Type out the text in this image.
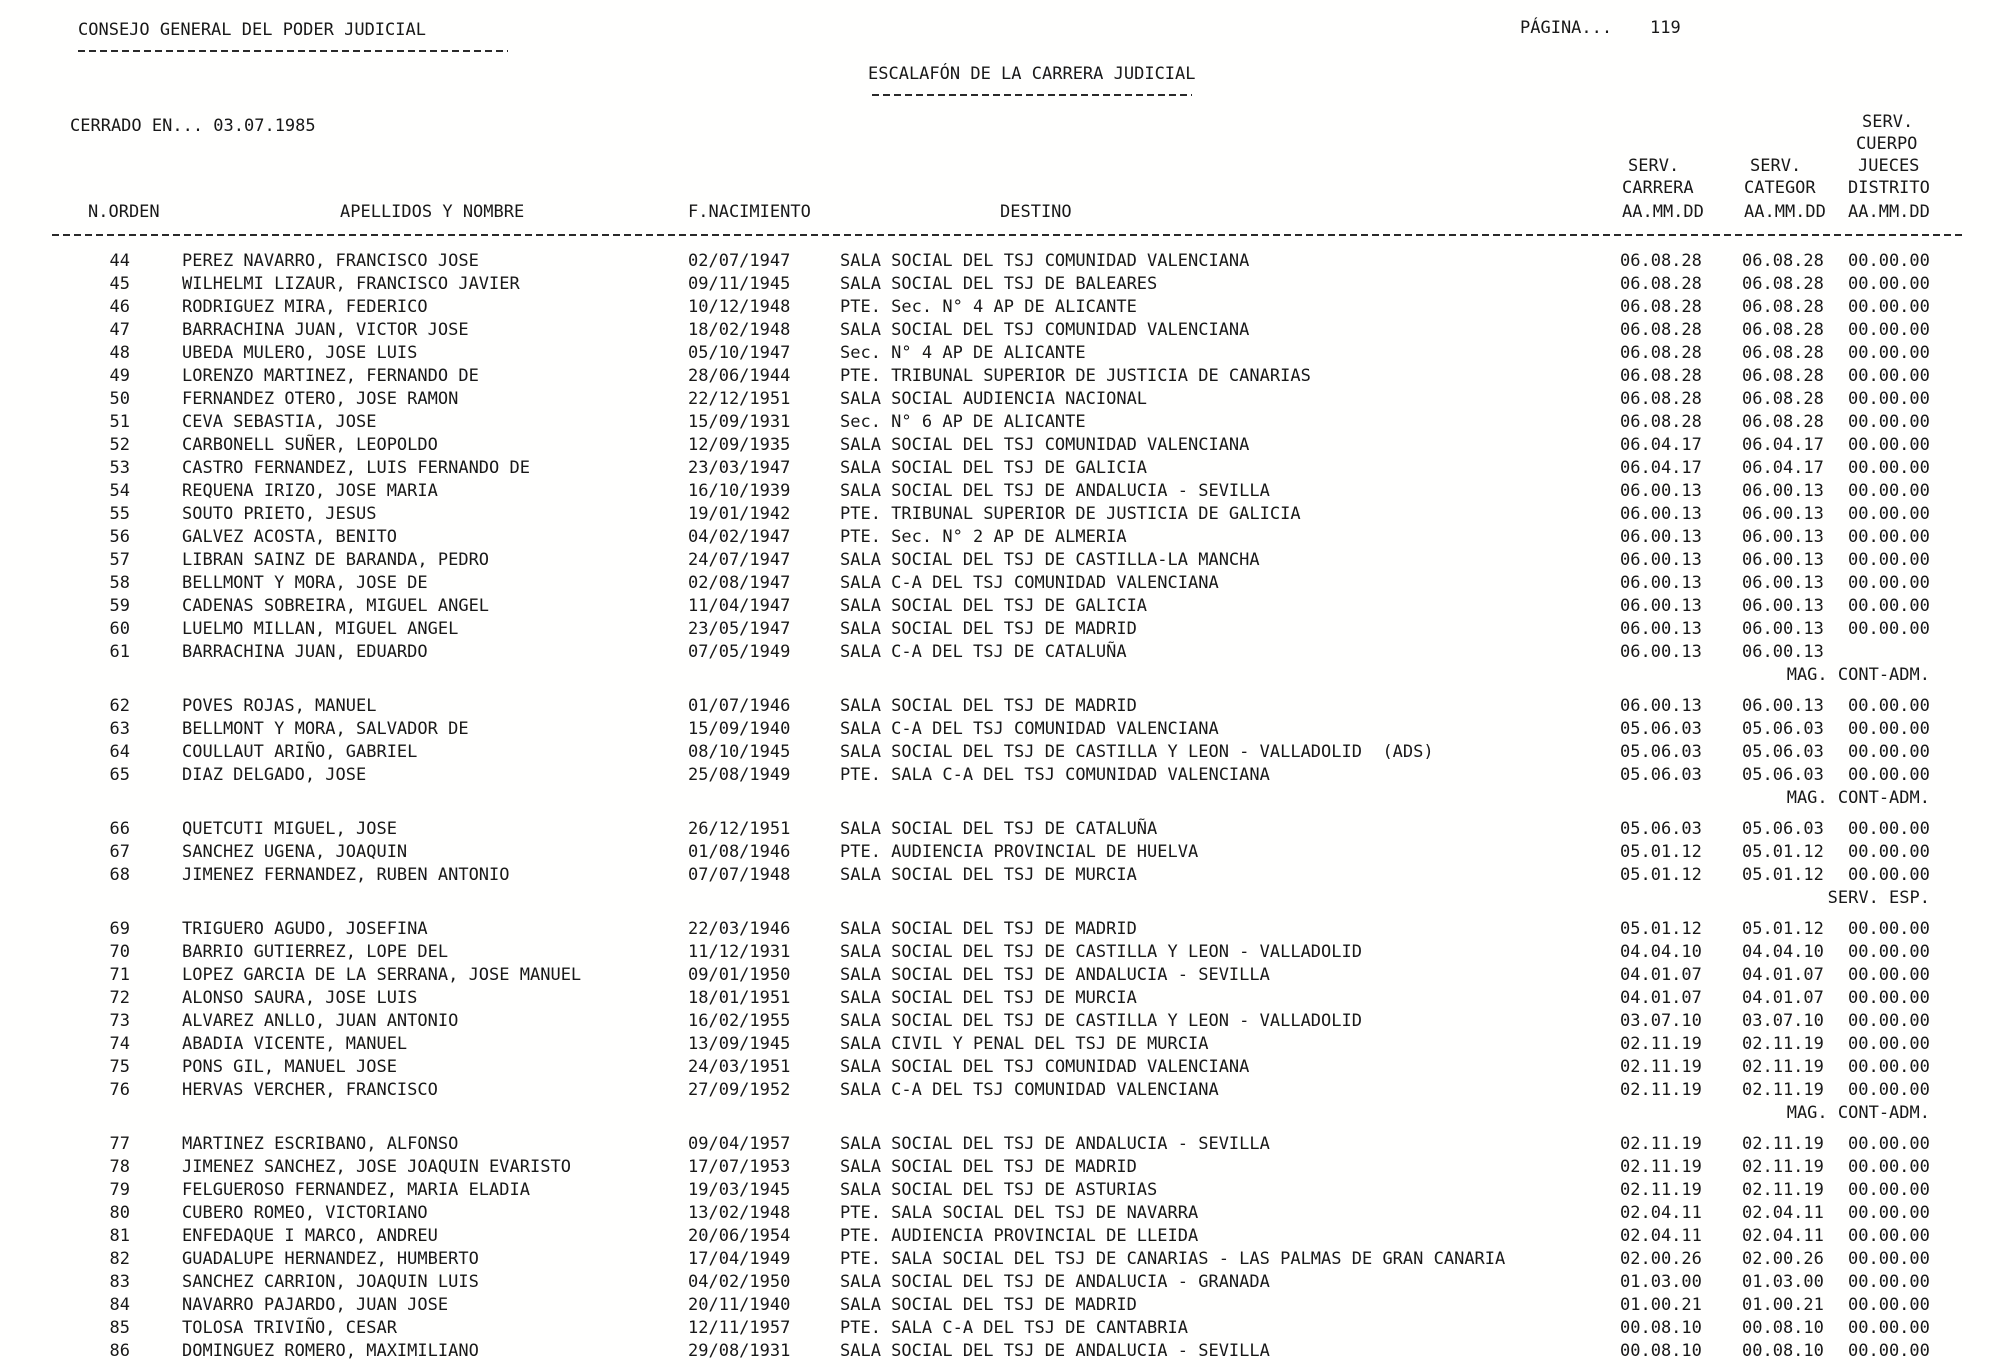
CONSEJO GENERAL DEL PODER JUDICIAL	PÁGINA... 119
ESCALAFÓN DE LA CARRERA JUDICIAL
CERRADO EN... 03.07.1985	SERV.
CUERPO
SERV.	SERV.	JUECES
CARRERA	CATEGOR DISTRITO
N.ORDEN	APELLIDOS Y NOMBRE	F.NACIMIENTO	DESTINO	AA.MM.DD AA.MM.DD AA.MM.DD
44	PEREZ NAVARRO, FRANCISCO JOSE	02/07/1947	SALA SOCIAL DEL TSJ COMUNIDAD VALENCIANA	06.08.28 06.08.28 00.00.00
45	WILHELMI LIZAUR, FRANCISCO JAVIER	09/11/1945	SALA SOCIAL DEL TSJ DE BALEARES	06.08.28 06.08.28 00.00.00
46	RODRIGUEZ MIRA, FEDERICO	10/12/1948	PTE. Sec. N° 4 AP DE ALICANTE	06.08.28 06.08.28 00.00.00
47	BARRACHINA JUAN, VICTOR JOSE	18/02/1948	SALA SOCIAL DEL TSJ COMUNIDAD VALENCIANA	06.08.28 06.08.28 00.00.00
48	UBEDA MULERO, JOSE LUIS	05/10/1947	Sec. N° 4 AP DE ALICANTE	06.08.28 06.08.28 00.00.00
49	LORENZO MARTINEZ, FERNANDO DE	28/06/1944	PTE. TRIBUNAL SUPERIOR DE JUSTICIA DE CANARIAS	06.08.28 06.08.28 00.00.00
50	FERNANDEZ OTERO, JOSE RAMON	22/12/1951	SALA SOCIAL AUDIENCIA NACIONAL	06.08.28 06.08.28 00.00.00
51	CEVA SEBASTIA, JOSE	15/09/1931	Sec. N° 6 AP DE ALICANTE	06.08.28 06.08.28 00.00.00
52	CARBONELL SUÑER, LEOPOLDO	12/09/1935	SALA SOCIAL DEL TSJ COMUNIDAD VALENCIANA	06.04.17 06.04.17 00.00.00
53	CASTRO FERNANDEZ, LUIS FERNANDO DE	23/03/1947	SALA SOCIAL DEL TSJ DE GALICIA	06.04.17 06.04.17 00.00.00
54	REQUENA IRIZO, JOSE MARIA	16/10/1939	SALA SOCIAL DEL TSJ DE ANDALUCIA - SEVILLA	06.00.13 06.00.13 00.00.00
55	SOUTO PRIETO, JESUS	19/01/1942	PTE. TRIBUNAL SUPERIOR DE JUSTICIA DE GALICIA	06.00.13 06.00.13 00.00.00
56	GALVEZ ACOSTA, BENITO	04/02/1947	PTE. Sec. N° 2 AP DE ALMERIA	06.00.13 06.00.13 00.00.00
57	LIBRAN SAINZ DE BARANDA, PEDRO	24/07/1947	SALA SOCIAL DEL TSJ DE CASTILLA-LA MANCHA	06.00.13 06.00.13 00.00.00
58	BELLMONT Y MORA, JOSE DE	02/08/1947	SALA C-A DEL TSJ COMUNIDAD VALENCIANA	06.00.13 06.00.13 00.00.00
59	CADENAS SOBREIRA, MIGUEL ANGEL	11/04/1947	SALA SOCIAL DEL TSJ DE GALICIA	06.00.13 06.00.13 00.00.00
60	LUELMO MILLAN, MIGUEL ANGEL	23/05/1947	SALA SOCIAL DEL TSJ DE MADRID	06.00.13 06.00.13 00.00.00
61	BARRACHINA JUAN, EDUARDO	07/05/1949	SALA C-A DEL TSJ DE CATALUÑA	06.00.13 06.00.13
MAG. CONT-ADM.
62	POVES ROJAS, MANUEL	01/07/1946	SALA SOCIAL DEL TSJ DE MADRID	06.00.13 06.00.13 00.00.00
63	BELLMONT Y MORA, SALVADOR DE	15/09/1940	SALA C-A DEL TSJ COMUNIDAD VALENCIANA	05.06.03 05.06.03 00.00.00
64	COULLAUT ARIÑO, GABRIEL	08/10/1945	SALA SOCIAL DEL TSJ DE CASTILLA Y LEON - VALLADOLID  (ADS)	05.06.03 05.06.03 00.00.00
65	DIAZ DELGADO, JOSE	25/08/1949	PTE. SALA C-A DEL TSJ COMUNIDAD VALENCIANA	05.06.03 05.06.03 00.00.00
MAG. CONT-ADM.
66	QUETCUTI MIGUEL, JOSE	26/12/1951	SALA SOCIAL DEL TSJ DE CATALUÑA	05.06.03 05.06.03 00.00.00
67	SANCHEZ UGENA, JOAQUIN	01/08/1946	PTE. AUDIENCIA PROVINCIAL DE HUELVA	05.01.12 05.01.12 00.00.00
68	JIMENEZ FERNANDEZ, RUBEN ANTONIO	07/07/1948	SALA SOCIAL DEL TSJ DE MURCIA	05.01.12 05.01.12 00.00.00
SERV. ESP.
69	TRIGUERO AGUDO, JOSEFINA	22/03/1946	SALA SOCIAL DEL TSJ DE MADRID	05.01.12 05.01.12 00.00.00
70	BARRIO GUTIERREZ, LOPE DEL	11/12/1931	SALA SOCIAL DEL TSJ DE CASTILLA Y LEON - VALLADOLID	04.04.10 04.04.10 00.00.00
71	LOPEZ GARCIA DE LA SERRANA, JOSE MANUEL	09/01/1950	SALA SOCIAL DEL TSJ DE ANDALUCIA - SEVILLA	04.01.07 04.01.07 00.00.00
72	ALONSO SAURA, JOSE LUIS	18/01/1951	SALA SOCIAL DEL TSJ DE MURCIA	04.01.07 04.01.07 00.00.00
73	ALVAREZ ANLLO, JUAN ANTONIO	16/02/1955	SALA SOCIAL DEL TSJ DE CASTILLA Y LEON - VALLADOLID	03.07.10 03.07.10 00.00.00
74	ABADIA VICENTE, MANUEL	13/09/1945	SALA CIVIL Y PENAL DEL TSJ DE MURCIA	02.11.19 02.11.19 00.00.00
75	PONS GIL, MANUEL JOSE	24/03/1951	SALA SOCIAL DEL TSJ COMUNIDAD VALENCIANA	02.11.19 02.11.19 00.00.00
76	HERVAS VERCHER, FRANCISCO	27/09/1952	SALA C-A DEL TSJ COMUNIDAD VALENCIANA	02.11.19 02.11.19 00.00.00
MAG. CONT-ADM.
77	MARTINEZ ESCRIBANO, ALFONSO	09/04/1957	SALA SOCIAL DEL TSJ DE ANDALUCIA - SEVILLA	02.11.19 02.11.19 00.00.00
78	JIMENEZ SANCHEZ, JOSE JOAQUIN EVARISTO	17/07/1953	SALA SOCIAL DEL TSJ DE MADRID	02.11.19 02.11.19 00.00.00
79	FELGUEROSO FERNANDEZ, MARIA ELADIA	19/03/1945	SALA SOCIAL DEL TSJ DE ASTURIAS	02.11.19 02.11.19 00.00.00
80	CUBERO ROMEO, VICTORIANO	13/02/1948	PTE. SALA SOCIAL DEL TSJ DE NAVARRA	02.04.11 02.04.11 00.00.00
81	ENFEDAQUE I MARCO, ANDREU	20/06/1954	PTE. AUDIENCIA PROVINCIAL DE LLEIDA	02.04.11 02.04.11 00.00.00
82	GUADALUPE HERNANDEZ, HUMBERTO	17/04/1949	PTE. SALA SOCIAL DEL TSJ DE CANARIAS - LAS PALMAS DE GRAN CANARIA	02.00.26 02.00.26 00.00.00
83	SANCHEZ CARRION, JOAQUIN LUIS	04/02/1950	SALA SOCIAL DEL TSJ DE ANDALUCIA - GRANADA	01.03.00 01.03.00 00.00.00
84	NAVARRO PAJARDO, JUAN JOSE	20/11/1940	SALA SOCIAL DEL TSJ DE MADRID	01.00.21 01.00.21 00.00.00
85	TOLOSA TRIVIÑO, CESAR	12/11/1957	PTE. SALA C-A DEL TSJ DE CANTABRIA	00.08.10 00.08.10 00.00.00
86	DOMINGUEZ ROMERO, MAXIMILIANO	29/08/1931	SALA SOCIAL DEL TSJ DE ANDALUCIA - SEVILLA	00.08.10 00.08.10 00.00.00
